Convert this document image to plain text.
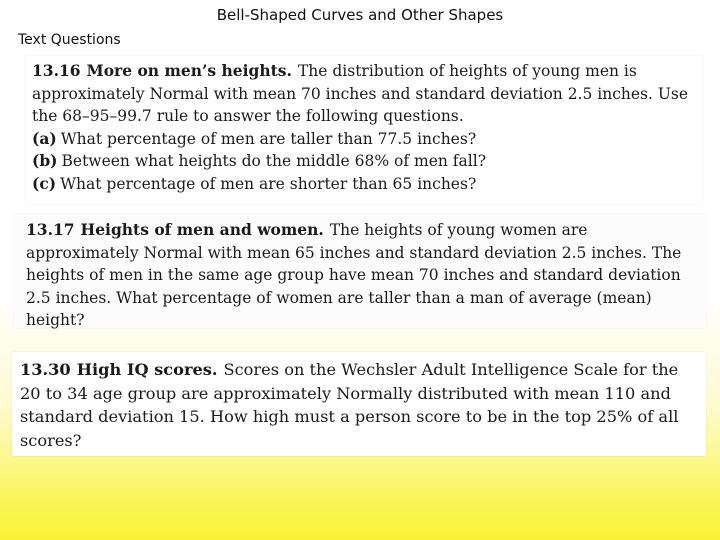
Bell-Shaped Curves and Other Shapes
Text Questions

13.16 More on men’s heights. The distribution of heights of young men is approximately Normal with mean 70 inches and standard deviation 2.5 inches. Use the 68–95–99.7 rule to answer the following questions.

(a) What percentage of men are taller than 77.5 inches?

(b) Between what heights do the middle 68% of men fall?

(c) What percentage of men are shorter than 65 inches?

13.17 Heights of men and women. The heights of young women are approximately Normal with mean 65 inches and standard deviation 2.5 inches. The heights of men in the same age group have mean 70 inches and standard deviation 2.5 inches. What percentage of women are taller than a man of average (mean) height?

13.30 High IQ scores. Scores on the Wechsler Adult Intelligence Scale for the 20 to 34 age group are approximately Normally distributed with mean 110 and standard deviation 15. How high must a person score to be in the top 25% of all scores?
